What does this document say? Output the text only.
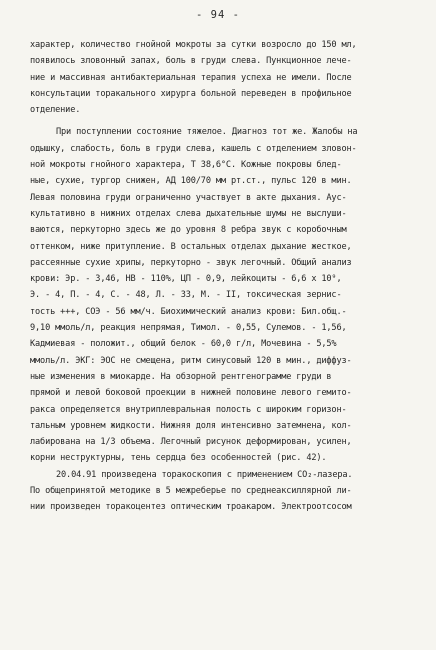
- 94 -
характер, количество гнойной мокроты за сутки возросло до 150 мл,
появилось зловонный запах, боль в груди слева. Пункционное лече-
ние и массивная антибактериальная терапия успеха не имели. После
консультации торакального хирурга больной переведен в профильное
отделение.
При поступлении состояние тяжелое. Диагноз тот же. Жалобы на
одышку, слабость, боль в груди слева, кашель с отделением зловон-
ной мокроты гнойного характера, Т 38,6°С. Кожные покровы блед-
ные, сухие, тургор снижен, АД 100/70 мм рт.ст., пульс 120 в мин.
Левая половина груди ограниченно участвует в акте дыхания. Аус-
культативно в нижних отделах слева дыхательные шумы не выслуши-
ваются, перкуторно здесь же до уровня 8 ребра звук с коробочным
оттенком, ниже притупление. В остальных отделах дыхание жесткое,
рассеянные сухие хрипы, перкуторно - звук легочный. Общий анализ
крови: Эр. - 3,46, НВ - 110%, ЦП - 0,9, лейкоциты - 6,6 х 10⁹,
Э. - 4, П. - 4, С. - 48, Л. - 33, М. - II, токсическая зернис-
тость +++, СОЭ - 56 мм/ч. Биохимический анализ крови: Бил.общ.-
9,10 ммоль/л, реакция непрямая, Тимол. - 0,55, Сулемов. - 1,56,
Кадмиевая - положит., общий белок - 60,0 г/л, Мочевина - 5,5%
ммоль/л. ЭКГ: ЭОС не смещена, ритм синусовый 120 в мин., диффуз-
ные изменения в миокарде. На обзорной рентгенограмме груди в
прямой и левой боковой проекции в нижней половине левого гемито-
ракса определяется внутриплевральная полость с широким горизон-
тальным уровнем жидкости. Нижняя доля интенсивно затемнена, кол-
лабирована на 1/3 объема. Легочный рисунок деформирован, усилен,
корни неструктурны, тень сердца без особенностей (рис. 42).
20.04.91 произведена торакоскопия с применением СО₂-лазера.
По общепринятой методике в 5 межреберье по среднеаксиллярной ли-
нии произведен торакоцентез оптическим троакаром. Электроотсосом
